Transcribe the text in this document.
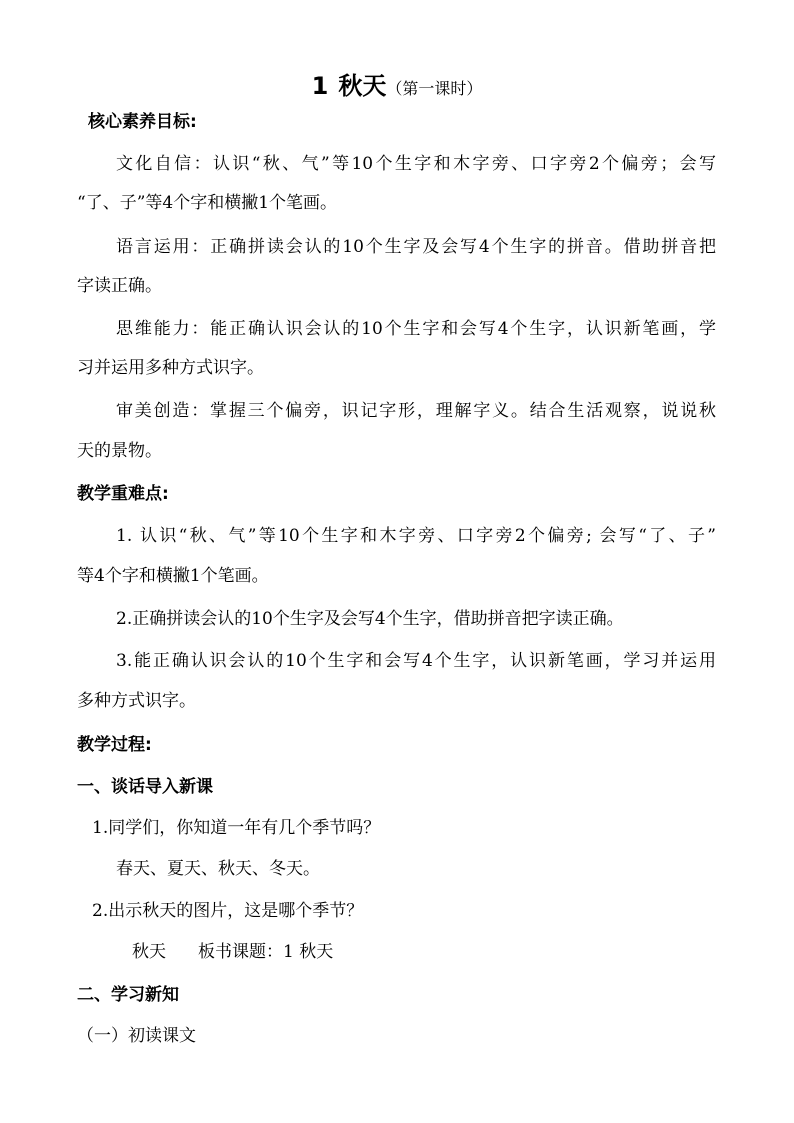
1 秋天（第一课时）
核心素养目标:
文化自信：认识“秋、气”等10个生字和木字旁、口字旁2个偏旁；会写
“了、子”等4个字和横撇1个笔画。
语言运用：正确拼读会认的10个生字及会写4个生字的拼音。借助拼音把
字读正确。
思维能力：能正确认识会认的10个生字和会写4个生字，认识新笔画，学
习并运用多种方式识字。
审美创造：掌握三个偏旁，识记字形，理解字义。结合生活观察，说说秋
天的景物。
教学重难点:
1. 认识“秋、气”等10个生字和木字旁、口字旁2个偏旁; 会写“了、子”
等4个字和横撇1个笔画。
2.正确拼读会认的10个生字及会写4个生字，借助拼音把字读正确。
3.能正确认识会认的10个生字和会写4个生字，认识新笔画，学习并运用
多种方式识字。
教学过程:
一、谈话导入新课
1.同学们，你知道一年有几个季节吗？
春天、夏天、秋天、冬天。
2.出示秋天的图片，这是哪个季节？
秋天 板书课题：1 秋天
二、学习新知
（一）初读课文
